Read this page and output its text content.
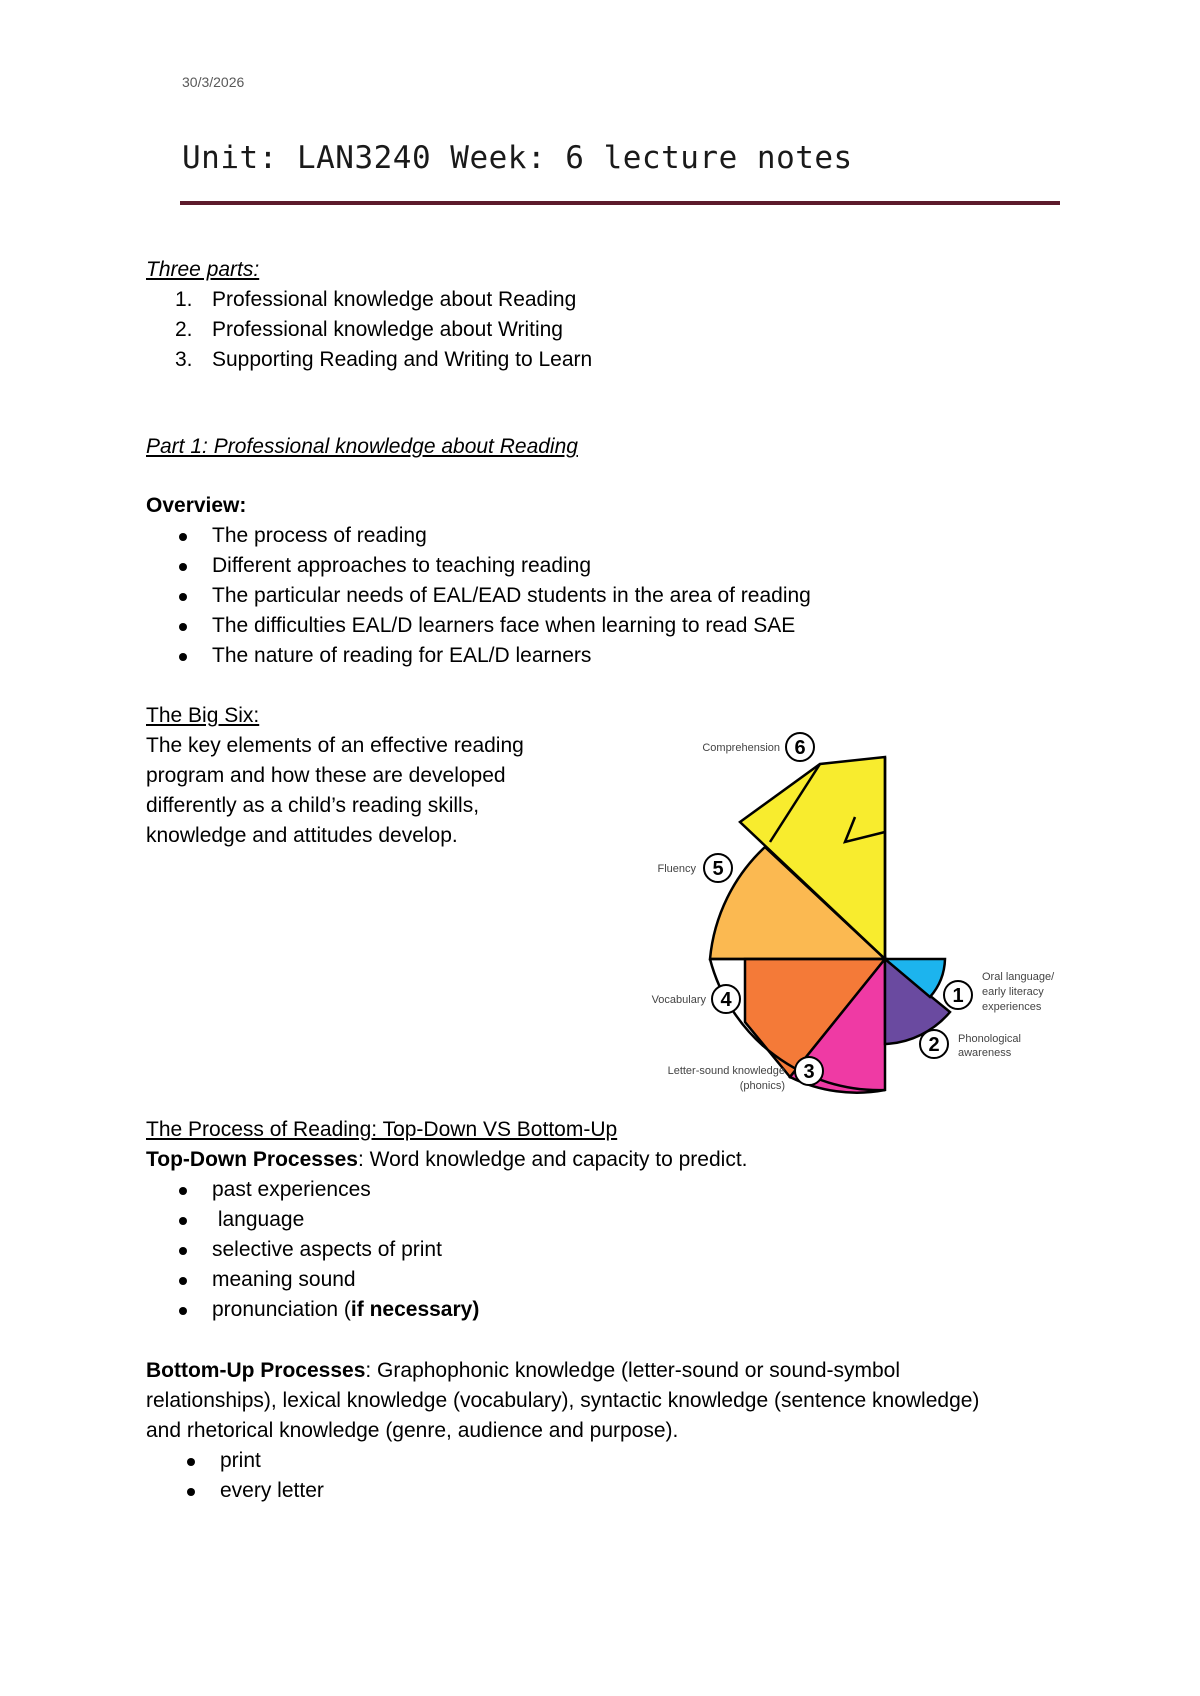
30/3/2026
Unit: LAN3240 Week: 6 lecture notes
Three parts:
1. Professional knowledge about Reading
2. Professional knowledge about Writing
3. Supporting Reading and Writing to Learn
Part 1: Professional knowledge about Reading
Overview:
The process of reading
Different approaches to teaching reading
The particular needs of EAL/EAD students in the area of reading
The difficulties EAL/D learners face when learning to read SAE
The nature of reading for EAL/D learners
The Big Six:
The key elements of an effective reading
program and how these are developed
differently as a child’s reading skills,
knowledge and attitudes develop.
6
5
4
3
2
1
Comprehension
Fluency
Vocabulary
Letter-sound knowledge
(phonics)
Phonological
awareness
Oral language/
early literacy
experiences
The Process of Reading: Top-Down VS Bottom-Up
Top-Down Processes: Word knowledge and capacity to predict.
past experiences
language
selective aspects of print
meaning sound
pronunciation (if necessary)
Bottom-Up Processes: Graphophonic knowledge (letter-sound or sound-symbol
relationships), lexical knowledge (vocabulary), syntactic knowledge (sentence knowledge)
and rhetorical knowledge (genre, audience and purpose).
print
every letter
